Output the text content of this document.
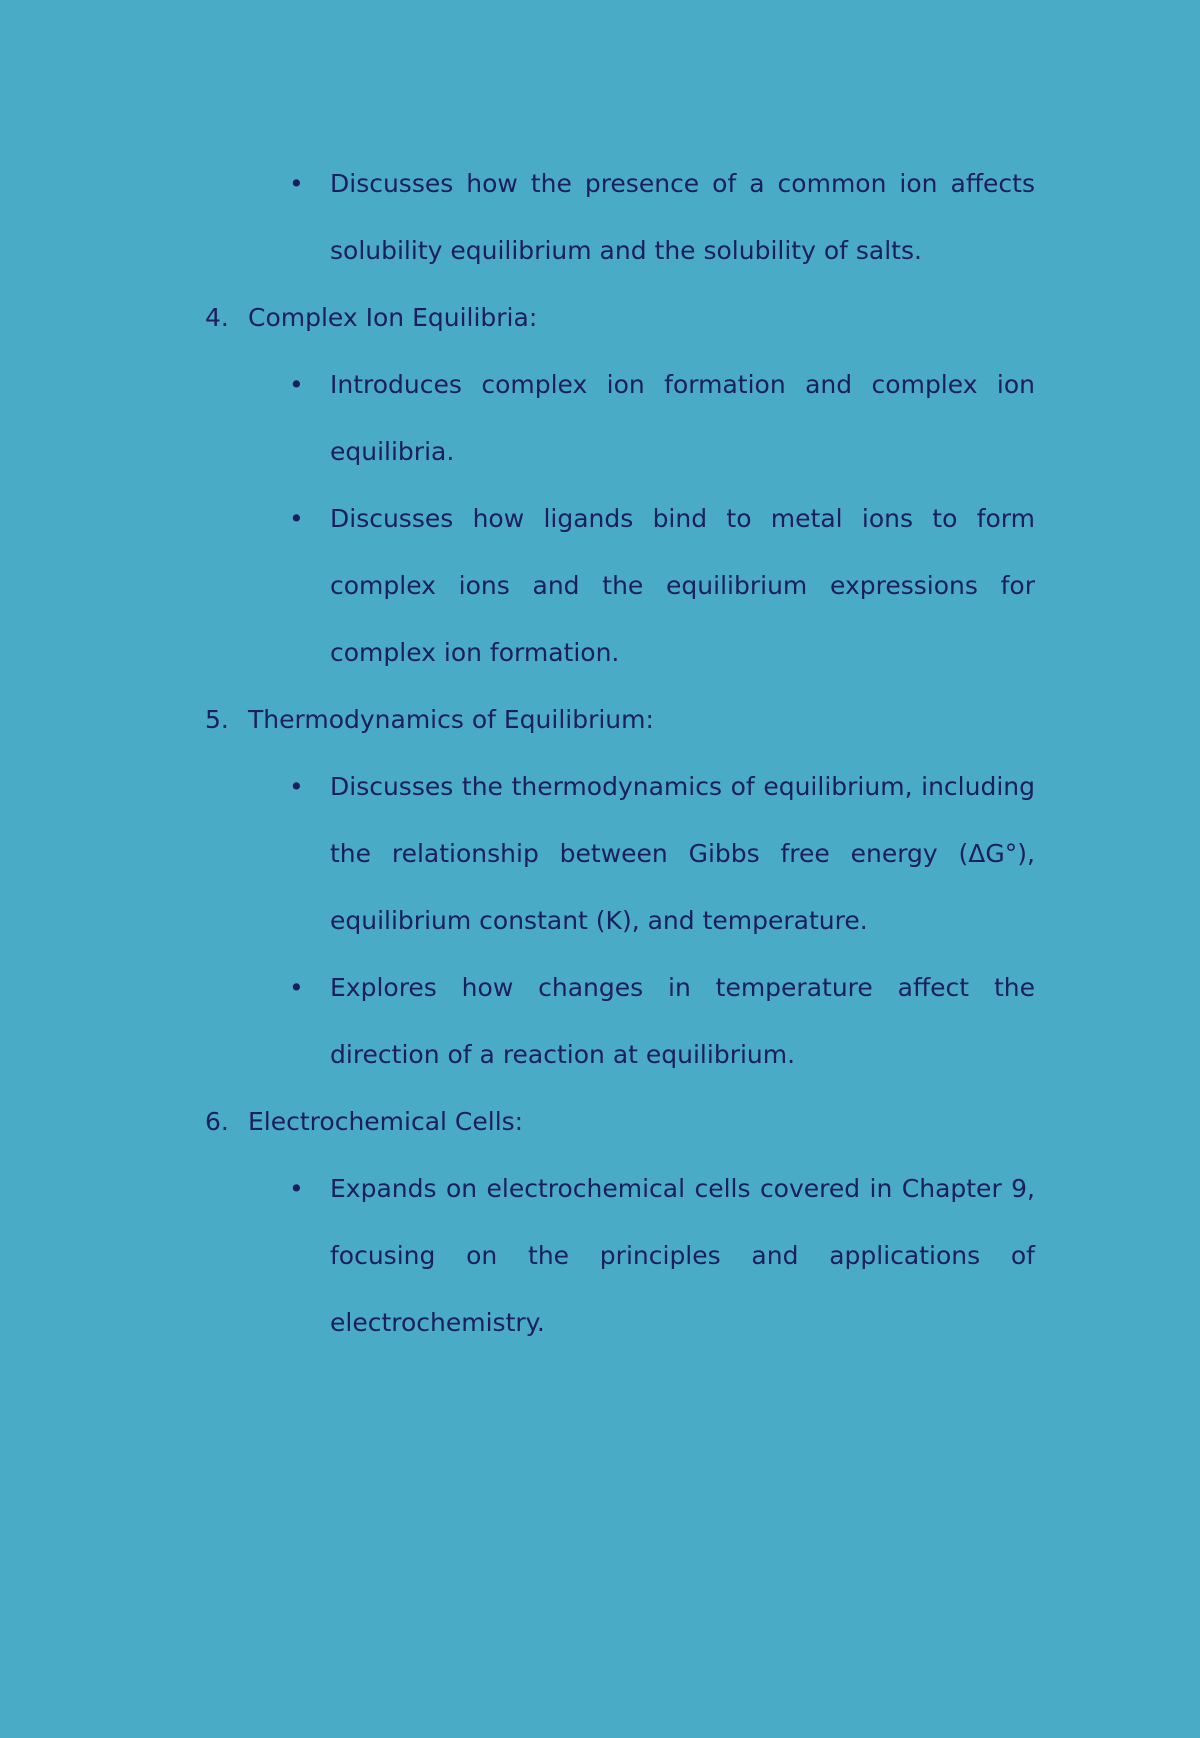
• Discusses how the presence of a common ion affects solubility equilibrium and the solubility of salts.
4. Complex Ion Equilibria:
• Introduces complex ion formation and complex ion equilibria.
• Discusses how ligands bind to metal ions to form complex ions and the equilibrium expressions for complex ion formation.
5. Thermodynamics of Equilibrium:
• Discusses the thermodynamics of equilibrium, including the relationship between Gibbs free energy (ΔG°), equilibrium constant (K), and temperature.
• Explores how changes in temperature affect the direction of a reaction at equilibrium.
6. Electrochemical Cells:
• Expands on electrochemical cells covered in Chapter 9, focusing on the principles and applications of electrochemistry.
